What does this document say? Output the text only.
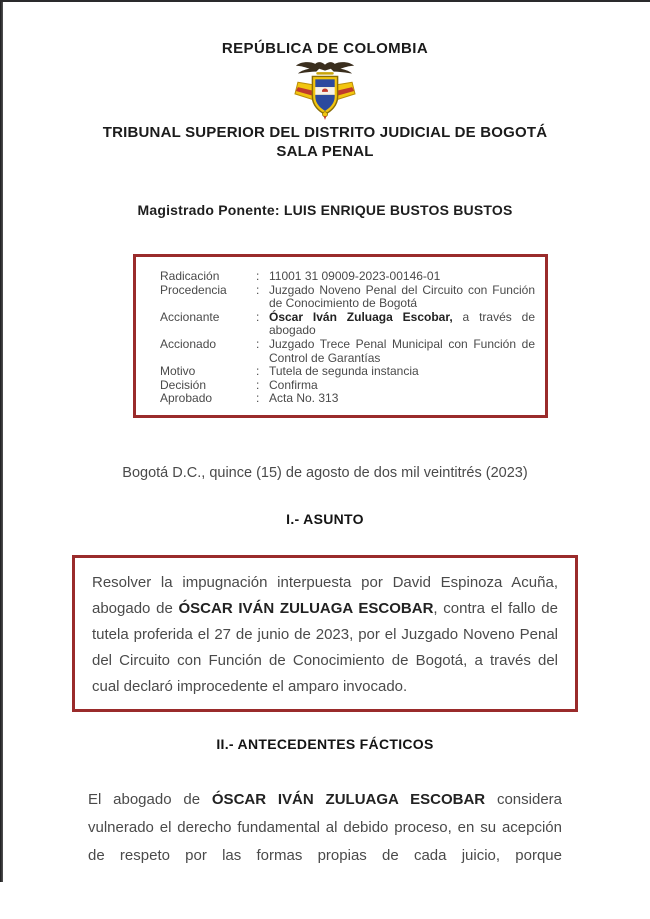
REPÚBLICA DE COLOMBIA
TRIBUNAL SUPERIOR DEL DISTRITO JUDICIAL DE BOGOTÁ
SALA PENAL
Magistrado Ponente: LUIS ENRIQUE BUSTOS BUSTOS
Radicación	: 11001 31 09009-2023-00146-01
Procedencia	: Juzgado Noveno Penal del Circuito con Función de Conocimiento de Bogotá
Accionante	: Óscar Iván Zuluaga Escobar, a través de abogado
Accionado	: Juzgado Trece Penal Municipal con Función de Control de Garantías
Motivo	: Tutela de segunda instancia
Decisión	: Confirma
Aprobado	: Acta No. 313
Bogotá D.C., quince (15) de agosto de dos mil veintitrés (2023)
I.- ASUNTO

Resolver la impugnación interpuesta por David Espinoza Acuña, abogado de ÓSCAR IVÁN ZULUAGA ESCOBAR, contra el fallo de tutela proferida el 27 de junio de 2023, por el Juzgado Noveno Penal del Circuito con Función de Conocimiento de Bogotá, a través del cual declaró improcedente el amparo invocado.

II.- ANTECEDENTES FÁCTICOS

El abogado de ÓSCAR IVÁN ZULUAGA ESCOBAR considera vulnerado el derecho fundamental al debido proceso, en su acepción de respeto por las formas propias de cada juicio, porque
